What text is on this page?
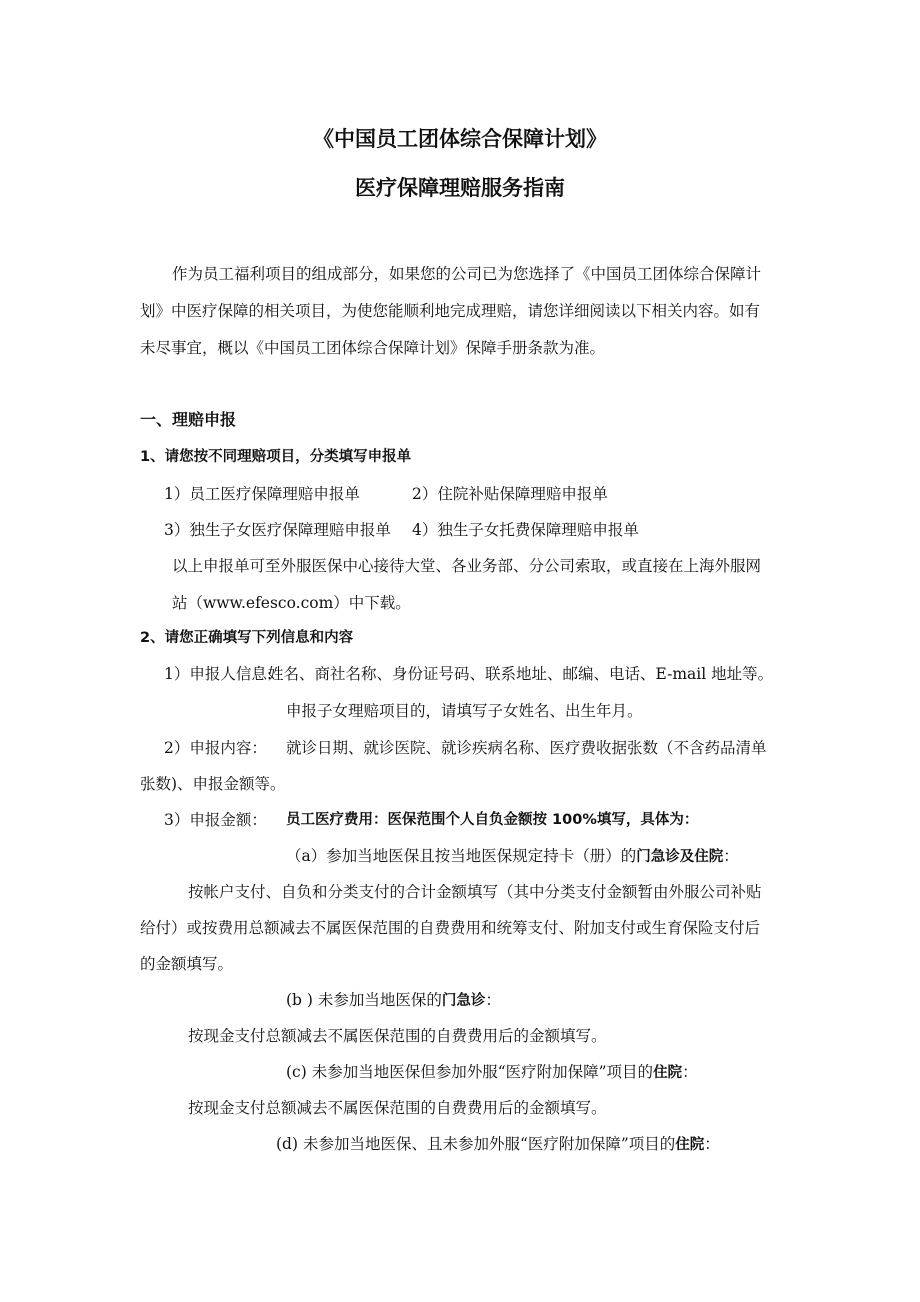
《中国员工团体综合保障计划》
医疗保障理赔服务指南
作为员工福利项目的组成部分，如果您的公司已为您选择了《中国员工团体综合保障计
划》中医疗保障的相关项目，为使您能顺利地完成理赔，请您详细阅读以下相关内容。如有
未尽事宜，概以《中国员工团体综合保障计划》保障手册条款为准。
一、理赔申报
1、请您按不同理赔项目，分类填写申报单
1）员工医疗保障理赔申报单	2）住院补贴保障理赔申报单
3）独生子女医疗保障理赔申报单 4）独生子女托费保障理赔申报单
以上申报单可至外服医保中心接待大堂、各业务部、分公司索取，或直接在上海外服网
站（www.efesco.com）中下载。
2、请您正确填写下列信息和内容
1）申报人信息:
姓名、商社名称、身份证号码、联系地址、邮编、电话、E-mail 地址等。
申报子女理赔项目的，请填写子女姓名、出生年月。
2）申报内容： 就诊日期、就诊医院、就诊疾病名称、医疗费收据张数（不含药品清单
张数)、申报金额等。
3）申报金额： 员工医疗费用：医保范围个人自负金额按 100%填写，具体为：
（a）参加当地医保且按当地医保规定持卡（册）的门急诊及住院：
按帐户支付、自负和分类支付的合计金额填写（其中分类支付金额暂由外服公司补贴
给付）或按费用总额减去不属医保范围的自费费用和统筹支付、附加支付或生育保险支付后
的金额填写。
(b ) 未参加当地医保的门急诊：
按现金支付总额减去不属医保范围的自费费用后的金额填写。
(c) 未参加当地医保但参加外服“医疗附加保障”项目的住院：
按现金支付总额减去不属医保范围的自费费用后的金额填写。
(d) 未参加当地医保、且未参加外服“医疗附加保障”项目的住院：
